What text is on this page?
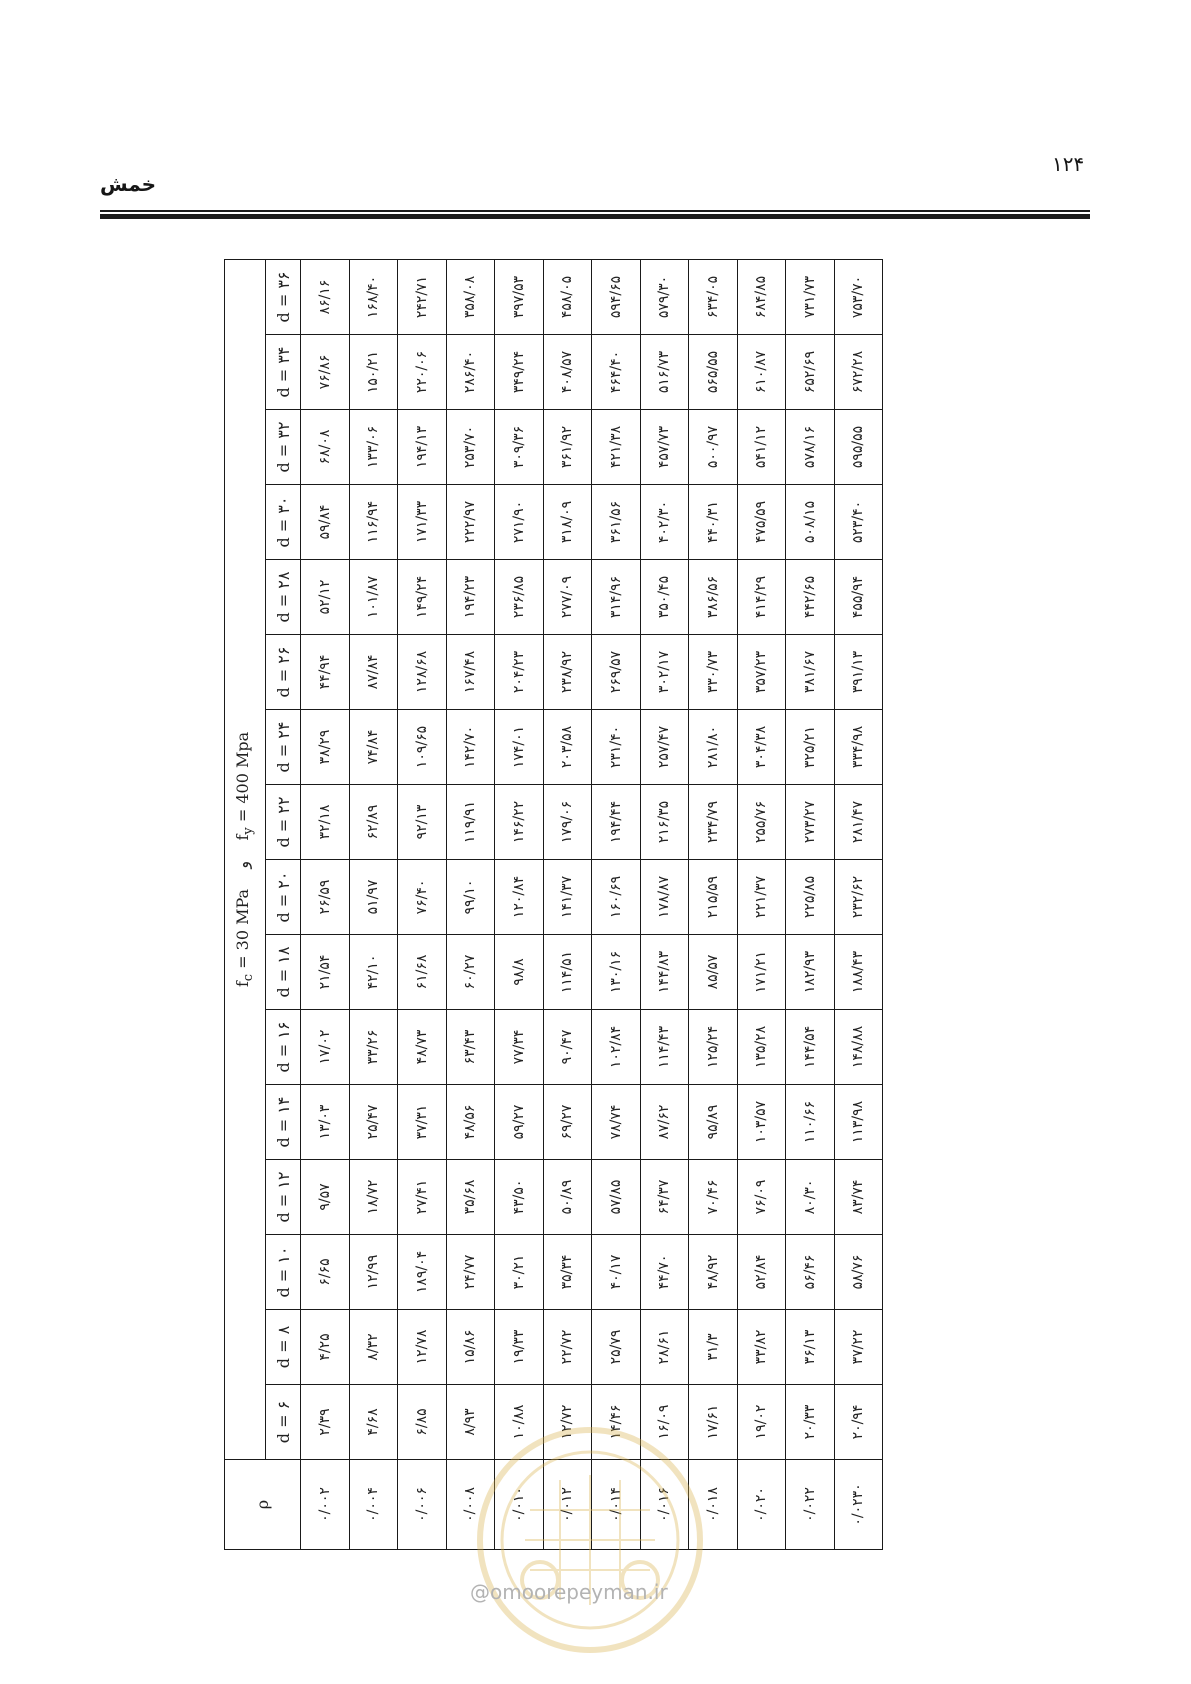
۱۲۴
خمش
ρ	$f_c = 30$ MPa    و    $f_y = 400$ Mpa															
	d = ۶	d = ۸	d = ۱۰	d = ۱۲	d = ۱۴	d = ۱۶	d = ۱۸	d = ۲۰	d = ۲۲	d = ۲۴	d = ۲۶	d = ۲۸	d = ۳۰	d = ۳۲	d = ۳۴	d = ۳۶
۰/۰۰۲	۲/۳۹	۴/۲۵	۶/۶۵	۹/۵۷	۱۳/۰۳	۱۷/۰۲	۲۱/۵۴	۲۶/۵۹	۳۲/۱۸	۳۸/۲۹	۴۴/۹۴	۵۲/۱۲	۵۹/۸۴	۶۸/۰۸	۷۶/۸۶	۸۶/۱۶
۰/۰۰۴	۴/۶۸	۸/۳۲	۱۲/۹۹	۱۸/۷۲	۲۵/۴۷	۳۳/۲۶	۴۲/۱۰	۵۱/۹۷	۶۲/۸۹	۷۴/۸۴	۸۷/۸۴	۱۰۱/۸۷	۱۱۶/۹۴	۱۳۳/۰۶	۱۵۰/۲۱	۱۶۸/۴۰
۰/۰۰۶	۶/۸۵	۱۲/۷۸	۱۸۹/۰۴	۲۷/۴۱	۳۷/۳۱	۴۸/۷۳	۶۱/۶۸	۷۶/۴۰	۹۲/۱۳	۱۰۹/۶۵	۱۲۸/۶۸	۱۴۹/۲۴	۱۷۱/۳۳	۱۹۴/۱۳	۲۲۰/۰۶	۲۴۲/۷۱
۰/۰۰۸	۸/۹۳	۱۵/۸۶	۲۴/۷۷	۳۵/۶۸	۴۸/۵۶	۶۳/۴۳	۶۰/۲۷	۹۹/۱۰	۱۱۹/۹۱	۱۴۲/۷۰	۱۶۷/۴۸	۱۹۴/۲۳	۲۲۲/۹۷	۲۵۳/۷۰	۲۸۶/۴۰	۳۵۸/۰۸
۰/۰۱۰	۱۰/۸۸	۱۹/۳۳	۳۰/۲۱	۴۳/۵۰	۵۹/۲۷	۷۷/۳۴	۹۸/۸	۱۲۰/۸۴	۱۴۶/۲۲	۱۷۴/۰۱	۲۰۴/۲۳	۲۳۶/۸۵	۲۷۱/۹۰	۳۰۹/۳۶	۳۴۹/۲۴	۳۹۷/۵۳
۰/۰۱۲	۱۲/۷۲	۲۲/۷۲	۳۵/۳۴	۵۰/۸۹	۶۹/۲۷	۹۰/۴۷	۱۱۴/۵۱	۱۴۱/۳۷	۱۷۹/۰۶	۲۰۳/۵۸	۲۳۸/۹۲	۲۷۷/۰۹	۳۱۸/۰۹	۳۶۱/۹۲	۴۰۸/۵۷	۴۵۸/۰۵
۰/۰۱۴	۱۴/۴۶	۲۵/۷۹	۴۰/۱۷	۵۷/۸۵	۷۸/۷۴	۱۰۲/۸۴	۱۳۰/۱۶	۱۶۰/۶۹	۱۹۴/۴۴	۲۳۱/۴۰	۲۶۹/۵۷	۳۱۴/۹۶	۳۶۱/۵۶	۴۲۱/۳۸	۴۶۴/۴۰	۵۹۴/۶۵
۰/۰۱۶	۱۶/۰۹	۲۸/۶۱	۴۴/۷۰	۶۴/۳۷	۸۷/۶۲	۱۱۴/۴۳	۱۴۴/۸۳	۱۷۸/۸۷	۲۱۶/۳۵	۲۵۷/۴۷	۳۰۲/۱۷	۳۵۰/۴۵	۴۰۲/۳۰	۴۵۷/۷۳	۵۱۶/۷۳	۵۷۹/۳۰
۰/۰۱۸	۱۷/۶۱	۳۱/۳	۴۸/۹۲	۷۰/۴۶	۹۵/۸۹	۱۲۵/۲۴	۸۵/۵۷	۲۱۵/۵۹	۲۳۴/۷۹	۲۸۱/۸۰	۳۳۰/۷۳	۳۸۶/۵۶	۴۴۰/۳۱	۵۰۰/۹۷	۵۶۵/۵۵	۶۳۴/۰۵
۰/۰۲۰	۱۹/۰۲	۳۳/۸۲	۵۲/۸۴	۷۶/۰۹	۱۰۳/۵۷	۱۳۵/۲۸	۱۷۱/۲۱	۲۲۱/۳۷	۲۵۵/۷۶	۳۰۴/۳۸	۳۵۷/۲۳	۴۱۴/۲۹	۴۷۵/۵۹	۵۴۱/۱۲	۶۱۰/۸۷	۶۸۴/۸۵
۰/۰۲۲	۲۰/۳۳	۳۶/۱۳	۵۶/۴۶	۸۰/۳۰	۱۱۰/۶۶	۱۴۴/۵۴	۱۸۲/۹۳	۲۲۵/۸۵	۲۷۳/۲۷	۳۲۵/۲۱	۳۸۱/۶۷	۴۴۲/۶۵	۵۰۸/۱۵	۵۷۸/۱۶	۶۵۲/۶۹	۷۳۱/۷۳
۰/۰۲۳۰	۲۰/۹۴	۳۷/۲۲	۵۸/۷۶	۸۳/۷۴	۱۱۳/۹۸	۱۴۸/۸۸	۱۸۸/۴۳	۲۳۲/۶۲	۲۸۱/۴۷	۳۳۴/۹۸	۳۹۱/۱۳	۴۵۵/۹۴	۵۲۳/۴۰	۵۹۵/۵۵	۶۷۲/۲۸	۷۵۳/۷۰
@omoorepeyman.ir
